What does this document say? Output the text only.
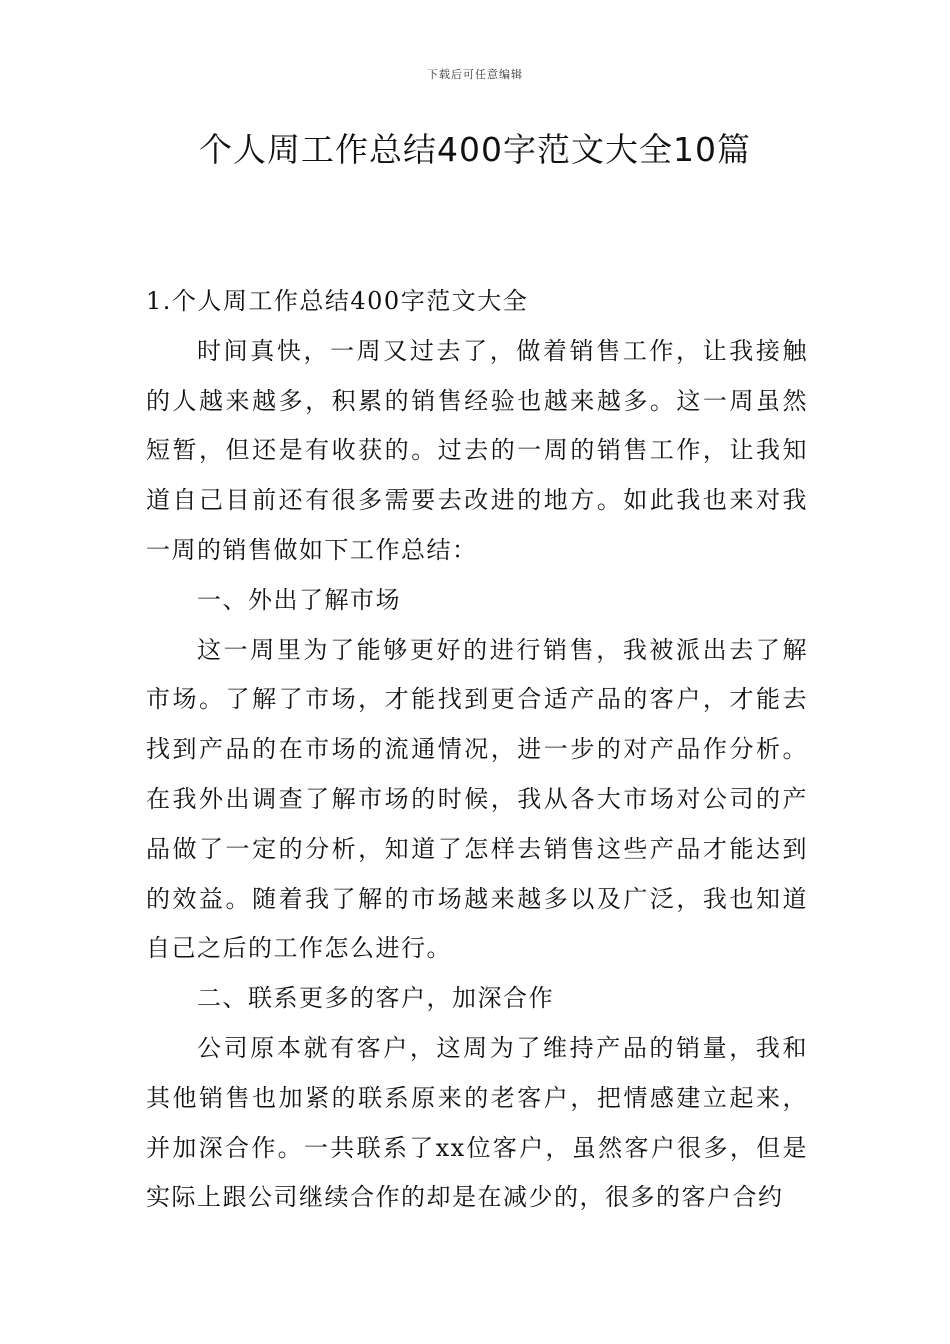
下载后可任意编辑
个人周工作总结400字范文大全10篇

1.个人周工作总结400字范文大全

时间真快，一周又过去了，做着销售工作，让我接触的人越来越多，积累的销售经验也越来越多。这一周虽然短暂，但还是有收获的。过去的一周的销售工作，让我知道自己目前还有很多需要去改进的地方。如此我也来对我一周的销售做如下工作总结：

一、外出了解市场

这一周里为了能够更好的进行销售，我被派出去了解市场。了解了市场，才能找到更合适产品的客户，才能去找到产品的在市场的流通情况，进一步的对产品作分析。在我外出调查了解市场的时候，我从各大市场对公司的产品做了一定的分析，知道了怎样去销售这些产品才能达到的效益。随着我了解的市场越来越多以及广泛，我也知道自己之后的工作怎么进行。

二、联系更多的客户，加深合作

公司原本就有客户，这周为了维持产品的销量，我和其他销售也加紧的联系原来的老客户，把情感建立起来，并加深合作。一共联系了xx位客户，虽然客户很多，但是实际上跟公司继续合作的却是在减少的，很多的客户合约
